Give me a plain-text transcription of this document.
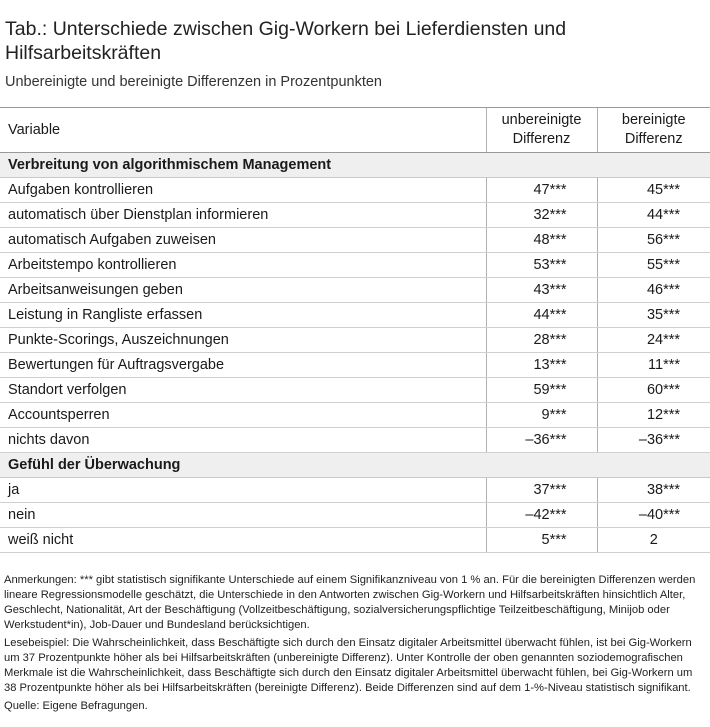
Tab.: Unterschiede zwischen Gig-Workern bei Lieferdiensten und Hilfsarbeitskräften
Unbereinigte und bereinigte Differenzen in Prozentpunkten
Variable	unbereinigte Differenz	bereinigte Differenz
Verbreitung von algorithmischem Management		
Aufgaben kontrollieren	47***	45***
automatisch über Dienstplan informieren	32***	44***
automatisch Aufgaben zuweisen	48***	56***
Arbeitstempo kontrollieren	53***	55***
Arbeitsanweisungen geben	43***	46***
Leistung in Rangliste erfassen	44***	35***
Punkte-Scorings, Auszeichnungen	28***	24***
Bewertungen für Auftragsvergabe	13***	11***
Standort verfolgen	59***	60***
Accountsperren	9***	12***
nichts davon	–36***	–36***
Gefühl der Überwachung		
ja	37***	38***
nein	–42***	–40***
weiß nicht	5***	2

Anmerkungen: *** gibt statistisch signifikante Unterschiede auf einem Signifikanzniveau von 1 % an. Für die bereinigten Differenzen werden lineare Regressionsmodelle geschätzt, die Unterschiede in den Antworten zwischen Gig-Workern und Hilfsarbeitskräften hinsichtlich Alter, Geschlecht, Nationalität, Art der Beschäftigung (Vollzeitbeschäftigung, sozialversicherungspflichtige Teilzeitbeschäftigung, Minijob oder Werkstudent*in), Job-Dauer und Bundesland berücksichtigen.

Lesebeispiel: Die Wahrscheinlichkeit, dass Beschäftigte sich durch den Einsatz digitaler Arbeitsmittel überwacht fühlen, ist bei Gig-Workern um 37 Prozentpunkte höher als bei Hilfsarbeitskräften (unbereinigte Differenz). Unter Kontrolle der oben genannten soziodemografischen Merkmale ist die Wahrscheinlichkeit, dass Beschäftigte sich durch den Einsatz digitaler Arbeitsmittel überwacht fühlen, bei Gig-Workern um 38 Prozentpunkte höher als bei Hilfsarbeitskräften (bereinigte Differenz). Beide Differenzen sind auf dem 1-%-Niveau statistisch signifikant.

Quelle: Eigene Befragungen.
